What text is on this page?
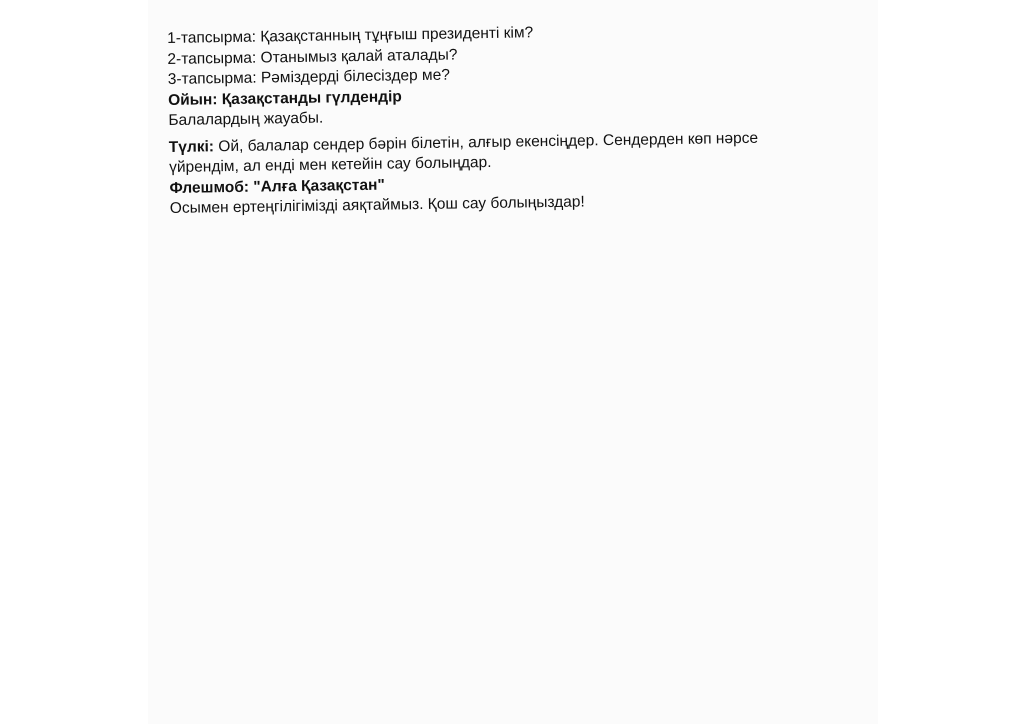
1-тапсырма: Қазақстанның тұңғыш президенті кім?
2-тапсырма: Отанымыз қалай аталады?
3-тапсырма: Рәміздерді білесіздер ме?
Ойын: Қазақстанды гүлдендір
Балалардың жауабы.
Түлкі: Ой, балалар сендер бәрін білетін, алғыр екенсіңдер. Сендерден көп нәрсе
үйрендім, ал енді мен кетейін сау болыңдар.
Флешмоб: "Алға Қазақстан"
Осымен ертеңгілігімізді аяқтаймыз. Қош сау болыңыздар!
